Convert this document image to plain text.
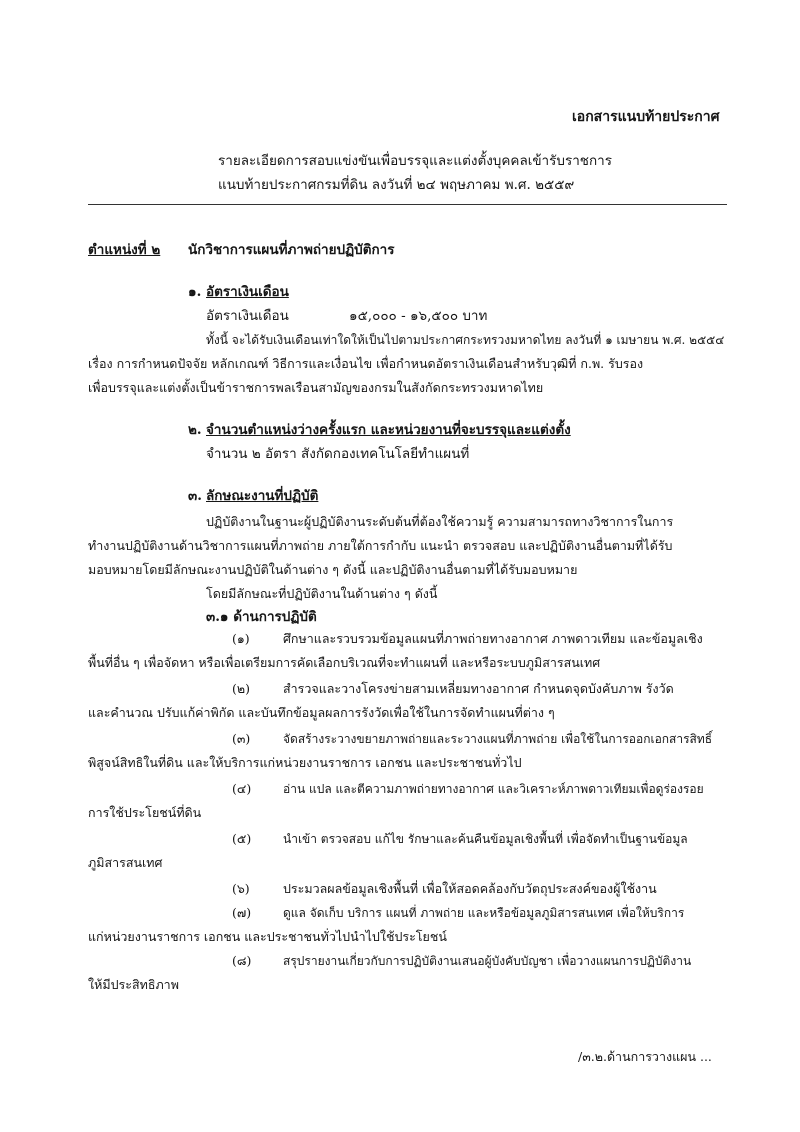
เอกสารแนบท้ายประกาศ
รายละเอียดการสอบแข่งขันเพื่อบรรจุและแต่งตั้งบุคคลเข้ารับราชการ
แนบท้ายประกาศกรมที่ดิน ลงวันที่ ๒๔ พฤษภาคม พ.ศ. ๒๕๕๙
ตำแหน่งที่ ๒ นักวิชาการแผนที่ภาพถ่ายปฏิบัติการ
๑. อัตราเงินเดือน
อัตราเงินเดือน	๑๕,๐๐๐ - ๑๖,๕๐๐ บาท
ทั้งนี้ จะได้รับเงินเดือนเท่าใดให้เป็นไปตามประกาศกระทรวงมหาดไทย ลงวันที่ ๑ เมษายน พ.ศ. ๒๕๕๔
เรื่อง การกำหนดปัจจัย หลักเกณฑ์ วิธีการและเงื่อนไข เพื่อกำหนดอัตราเงินเดือนสำหรับวุฒิที่ ก.พ. รับรอง
เพื่อบรรจุและแต่งตั้งเป็นข้าราชการพลเรือนสามัญของกรมในสังกัดกระทรวงมหาดไทย
๒. จำนวนตำแหน่งว่างครั้งแรก และหน่วยงานที่จะบรรจุและแต่งตั้ง
จำนวน ๒ อัตรา สังกัดกองเทคโนโลยีทำแผนที่
๓. ลักษณะงานที่ปฏิบัติ
ปฏิบัติงานในฐานะผู้ปฏิบัติงานระดับต้นที่ต้องใช้ความรู้ ความสามารถทางวิชาการในการ
ทำงานปฏิบัติงานด้านวิชาการแผนที่ภาพถ่าย ภายใต้การกำกับ แนะนำ ตรวจสอบ และปฏิบัติงานอื่นตามที่ได้รับ
มอบหมายโดยมีลักษณะงานปฏิบัติในด้านต่าง ๆ ดังนี้ และปฏิบัติงานอื่นตามที่ได้รับมอบหมาย
โดยมีลักษณะที่ปฏิบัติงานในด้านต่าง ๆ ดังนี้
๓.๑ ด้านการปฏิบัติ
(๑)	ศึกษาและรวบรวมข้อมูลแผนที่ภาพถ่ายทางอากาศ ภาพดาวเทียม และข้อมูลเชิง
พื้นที่อื่น ๆ เพื่อจัดหา หรือเพื่อเตรียมการคัดเลือกบริเวณที่จะทำแผนที่ และหรือระบบภูมิสารสนเทศ
(๒)	สำรวจและวางโครงข่ายสามเหลี่ยมทางอากาศ กำหนดจุดบังคับภาพ รังวัด
และคำนวณ ปรับแก้ค่าพิกัด และบันทึกข้อมูลผลการรังวัดเพื่อใช้ในการจัดทำแผนที่ต่าง ๆ
(๓)	จัดสร้างระวางขยายภาพถ่ายและระวางแผนที่ภาพถ่าย เพื่อใช้ในการออกเอกสารสิทธิ์
พิสูจน์สิทธิในที่ดิน และให้บริการแก่หน่วยงานราชการ เอกชน และประชาชนทั่วไป
(๔)	อ่าน แปล และตีความภาพถ่ายทางอากาศ และวิเคราะห์ภาพดาวเทียมเพื่อดูร่องรอย
การใช้ประโยชน์ที่ดิน
(๕)	นำเข้า ตรวจสอบ แก้ไข รักษาและค้นคืนข้อมูลเชิงพื้นที่ เพื่อจัดทำเป็นฐานข้อมูล
ภูมิสารสนเทศ
(๖)	ประมวลผลข้อมูลเชิงพื้นที่ เพื่อให้สอดคล้องกับวัตถุประสงค์ของผู้ใช้งาน
(๗)	ดูแล จัดเก็บ บริการ แผนที่ ภาพถ่าย และหรือข้อมูลภูมิสารสนเทศ เพื่อให้บริการ
แก่หน่วยงานราชการ เอกชน และประชาชนทั่วไปนำไปใช้ประโยชน์
(๘)	สรุปรายงานเกี่ยวกับการปฏิบัติงานเสนอผู้บังคับบัญชา เพื่อวางแผนการปฏิบัติงาน
ให้มีประสิทธิภาพ
/๓.๒.ด้านการวางแผน ...
